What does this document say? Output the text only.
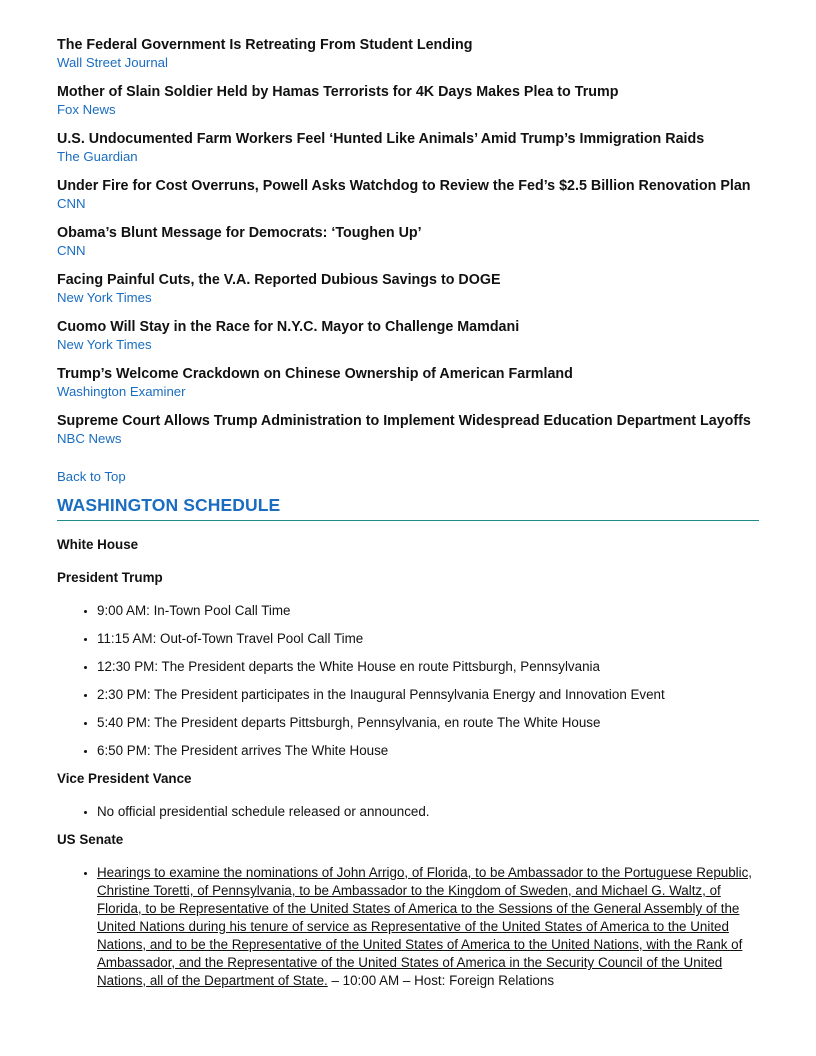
The Federal Government Is Retreating From Student Lending
Wall Street Journal
Mother of Slain Soldier Held by Hamas Terrorists for 4K Days Makes Plea to Trump
Fox News
U.S. Undocumented Farm Workers Feel ‘Hunted Like Animals’ Amid Trump’s Immigration Raids
The Guardian
Under Fire for Cost Overruns, Powell Asks Watchdog to Review the Fed’s $2.5 Billion Renovation Plan
CNN
Obama’s Blunt Message for Democrats: ‘Toughen Up’
CNN
Facing Painful Cuts, the V.A. Reported Dubious Savings to DOGE
New York Times
Cuomo Will Stay in the Race for N.Y.C. Mayor to Challenge Mamdani
New York Times
Trump’s Welcome Crackdown on Chinese Ownership of American Farmland
Washington Examiner
Supreme Court Allows Trump Administration to Implement Widespread Education Department Layoffs
NBC News
Back to Top
WASHINGTON SCHEDULE
White House
President Trump
• 9:00 AM: In-Town Pool Call Time
• 11:15 AM: Out-of-Town Travel Pool Call Time
• 12:30 PM: The President departs the White House en route Pittsburgh, Pennsylvania
• 2:30 PM: The President participates in the Inaugural Pennsylvania Energy and Innovation Event
• 5:40 PM: The President departs Pittsburgh, Pennsylvania, en route The White House
• 6:50 PM: The President arrives The White House
Vice President Vance
• No official presidential schedule released or announced.
US Senate
• Hearings to examine the nominations of John Arrigo, of Florida, to be Ambassador to the Portuguese Republic, Christine Toretti, of Pennsylvania, to be Ambassador to the Kingdom of Sweden, and Michael G. Waltz, of Florida, to be Representative of the United States of America to the Sessions of the General Assembly of the United Nations during his tenure of service as Representative of the United States of America to the United Nations, and to be the Representative of the United States of America to the United Nations, with the Rank of Ambassador, and the Representative of the United States of America in the Security Council of the United Nations, all of the Department of State. – 10:00 AM – Host: Foreign Relations
